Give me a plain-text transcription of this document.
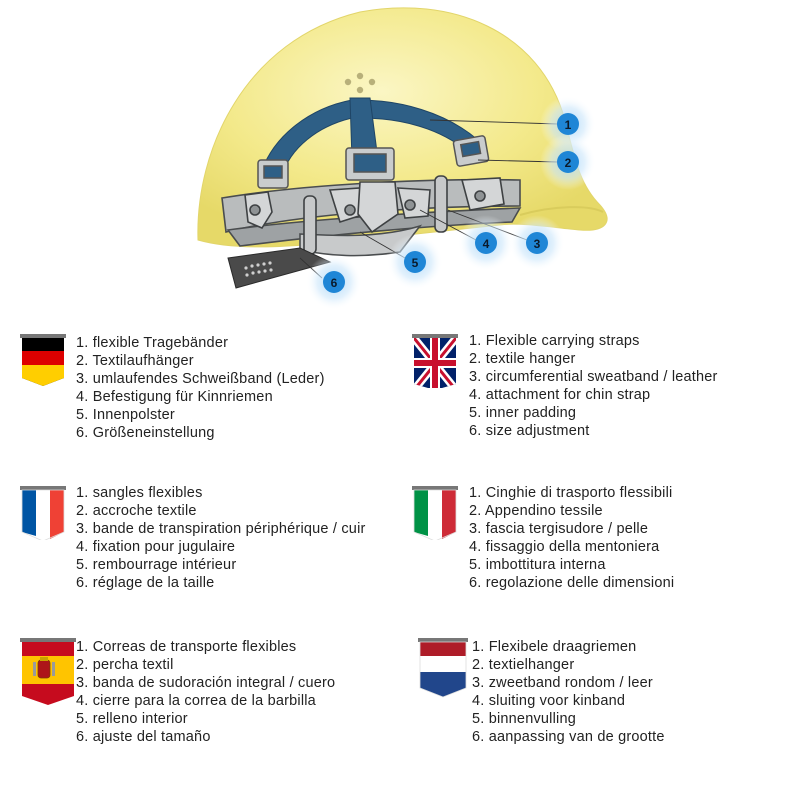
1
2
3
4
5
6
1. flexible Tragebänder
2. Textilaufhänger
3. umlaufendes Schweißband (Leder)
4. Befestigung für Kinnriemen
5. Innenpolster
6. Größeneinstellung
1. Flexible carrying straps
2. textile hanger
3. circumferential sweatband / leather
4. attachment for chin strap
5. inner padding
6. size adjustment
1. sangles flexibles
2. accroche textile
3. bande de transpiration périphérique / cuir
4. fixation pour jugulaire
5. rembourrage intérieur
6. réglage de la taille
1. Cinghie di trasporto flessibili
2. Appendino tessile
3. fascia tergisudore / pelle
4. fissaggio della mentoniera
5. imbottitura interna
6. regolazione delle dimensioni
1. Correas de transporte flexibles
2. percha textil
3. banda de sudoración integral / cuero
4. cierre para la correa de la barbilla
5. relleno interior
6. ajuste del tamaño
1. Flexibele draagriemen
2. textielhanger
3. zweetband rondom / leer
4. sluiting voor kinband
5. binnenvulling
6. aanpassing van de grootte
